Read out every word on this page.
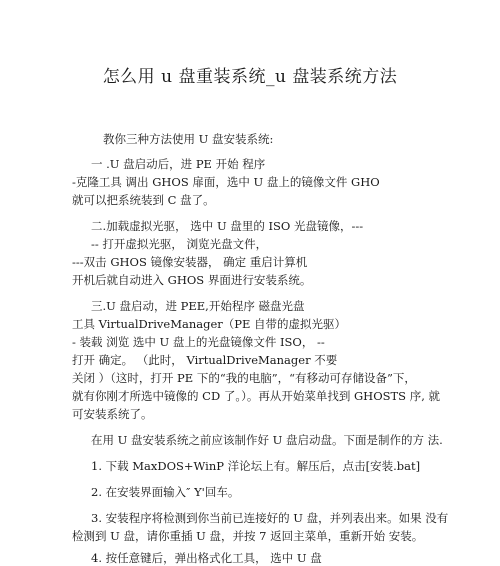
怎么用 u 盘重装系统_u 盘装系统方法
教你三种方法使用 U 盘安装系统:
一 .U 盘启动后，进 PE 开始 程序
-克隆工具 调出 GHOS 扉面，选中 U 盘上的镜像文件 GHO
就可以把系统装到 C 盘了。
二.加载虚拟光驱， 选中 U 盘里的 ISO 光盘镜像，---
-- 打开虚拟光驱， 浏览光盘文件，
---双击 GHOS 镜像安装器， 确定 重启计算机
开机后就自动进入 GHOS 界面进行安装系统。
三.U 盘启动，进 PEE,开始程序 磁盘光盘
工具 VirtualDriveManager（PE 自带的虚拟光驱）
- 装载 浏览 选中 U 盘上的光盘镜像文件 ISO， --
打开 确定。 （此时， VirtualDriveManager 不要
关闭 ）（这时，打开 PE 下的“我的电脑”，“有移动可存储设备”下，
就有你刚才所选中镜像的 CD 了。）。再从开始菜单找到 GHOSTS 序, 就
可安装系统了。
在用 U 盘安装系统之前应该制作好 U 盘启动盘。下面是制作的方 法.
1. 下载 MaxDOS+WinP 洋论坛上有。解压后，点击[安装.bat]
2. 在安装界面输入″ Y'回车。
3. 安装程序将检测到你当前已连接好的 U 盘，并列表出来。如果 没有
检测到 U 盘，请你重插 U 盘，并按 7 返回主菜单，重新开始 安装。
4. 按任意键后，弹出格式化工具， 选中 U 盘
